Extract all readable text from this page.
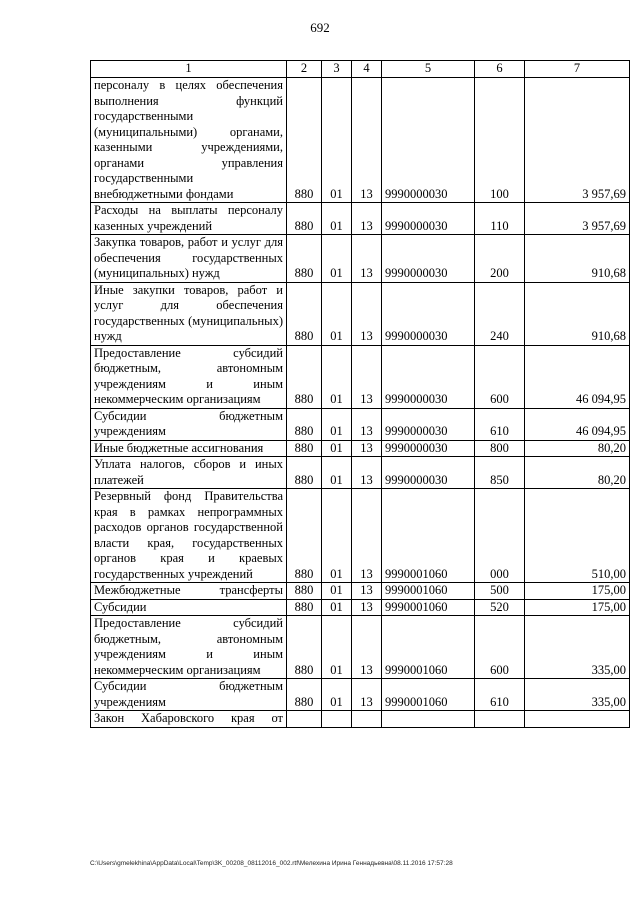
692
1	2	3	4	5	6	7
персоналу в целях обеспечения выполнения функций государственными (муниципальными) органами, казенными учреждениями, органами управления государственными внебюджетными фондами	880	01	13	9990000030	100	3 957,69
Расходы на выплаты персоналу казенных учреждений	880	01	13	9990000030	110	3 957,69
Закупка товаров, работ и услуг для обеспечения государственных (муниципальных) нужд	880	01	13	9990000030	200	910,68
Иные закупки товаров, работ и услуг для обеспечения государственных (муниципальных) нужд	880	01	13	9990000030	240	910,68
Предоставление субсидий бюджетным, автономным учреждениям и иным некоммерческим организациям	880	01	13	9990000030	600	46 094,95
Субсидии бюджетным учреждениям	880	01	13	9990000030	610	46 094,95
Иные бюджетные ассигнования	880	01	13	9990000030	800	80,20
Уплата налогов, сборов и иных платежей	880	01	13	9990000030	850	80,20
Резервный фонд Правительства края в рамках непрограммных расходов органов государственной власти края, государственных органов края и краевых государственных учреждений	880	01	13	9990001060	000	510,00
Межбюджетные трансферты	880	01	13	9990001060	500	175,00
Субсидии	880	01	13	9990001060	520	175,00
Предоставление субсидий бюджетным, автономным учреждениям и иным некоммерческим организациям	880	01	13	9990001060	600	335,00
Субсидии бюджетным учреждениям	880	01	13	9990001060	610	335,00
Закон Хабаровского края от						
C:\Users\gmelekhina\AppData\Local\Temp\3K_00208_08112016_002.rtf\Мелехина Ирина Геннадьевна\08.11.2016 17:57:28
